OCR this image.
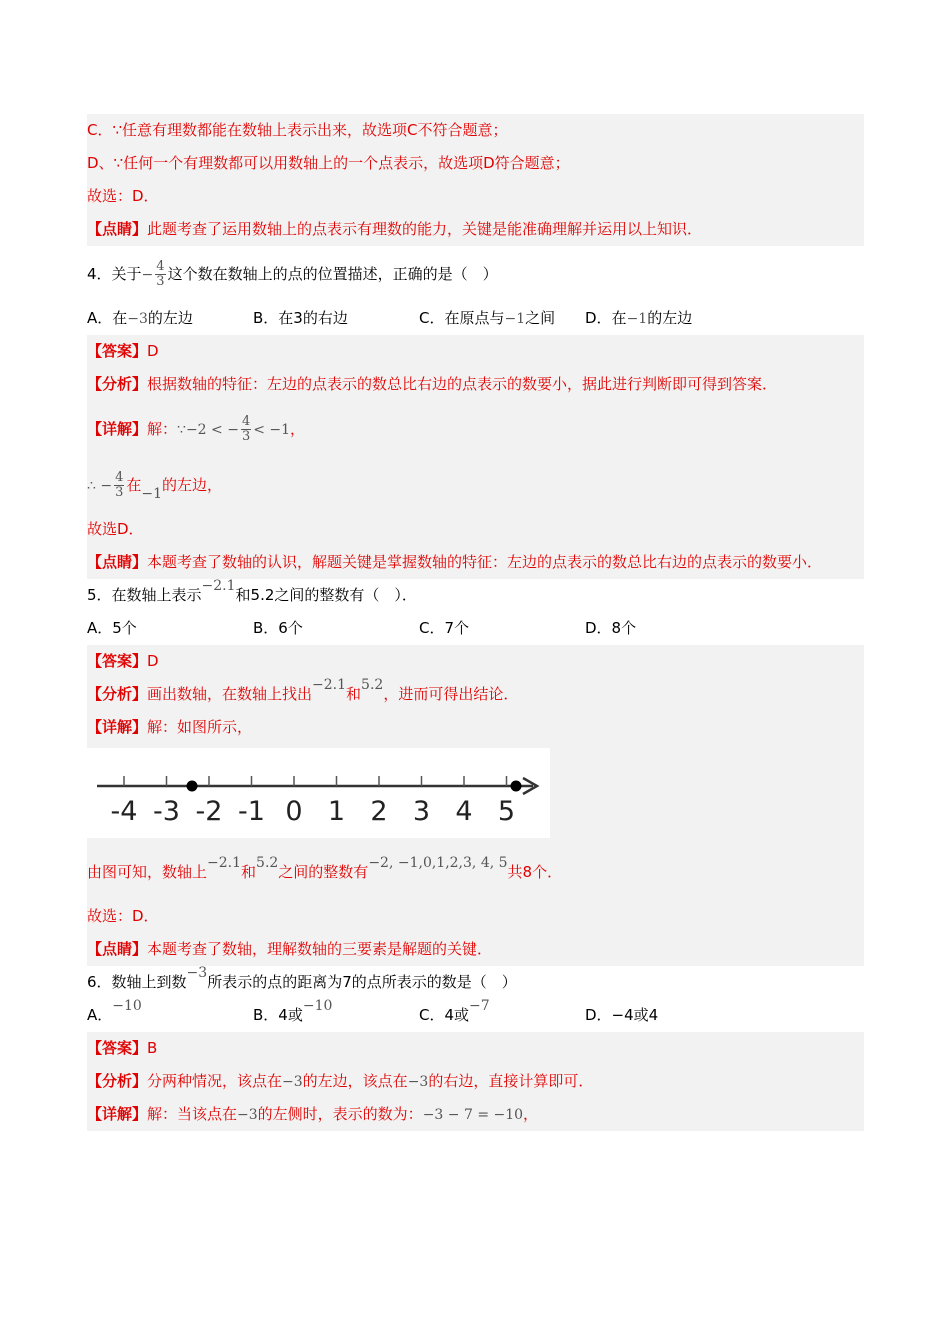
C．∵任意有理数都能在数轴上表示出来，故选项C不符合题意；
D、∵任何一个有理数都可以用数轴上的一个点表示，故选项D符合题意；
故选：D．
【点睛】此题考查了运用数轴上的点表示有理数的能力，关键是能准确理解并运用以上知识．
4．关于− $\frac{4}{3}$ 这个数在数轴上的点的位置描述，正确的是（　）
A．在−3的左边	B．在3的右边	C．在原点与−1之间	D．在−1的左边
【答案】D
【分析】根据数轴的特征：左边的点表示的数总比右边的点表示的数要小，据此进行判断即可得到答案．
【详解】解：∵−2 < − $\frac{4}{3} < -1$，
∴ − $\frac{4}{3}$ 在−1的左边，
故选D．
【点睛】本题考查了数轴的认识，解题关键是掌握数轴的特征：左边的点表示的数总比右边的点表示的数要小．
5．在数轴上表示−2.1和5.2之间的整数有（　）．
A．5个	B．6个	C．7个	D．8个
【答案】D
【分析】画出数轴，在数轴上找出−2.1和5.2，进而可得出结论．
【详解】解：如图所示，
-4 -3 -2 -1 0 1 2 3 4 5
由图可知，数轴上−2.1和5.2之间的整数有−2, −1,0,1,2,3, 4, 5共8个．
故选：D．
【点睛】本题考查了数轴，理解数轴的三要素是解题的关键．
6．数轴上到数−3所表示的点的距离为7的点所表示的数是（　）
A．−10	B．4或−10	C．4或−7	D．−4或4
【答案】B
【分析】分两种情况，该点在−3的左边，该点在−3的右边，直接计算即可．
【详解】解：当该点在−3的左侧时，表示的数为：−3 − 7 = −10，
